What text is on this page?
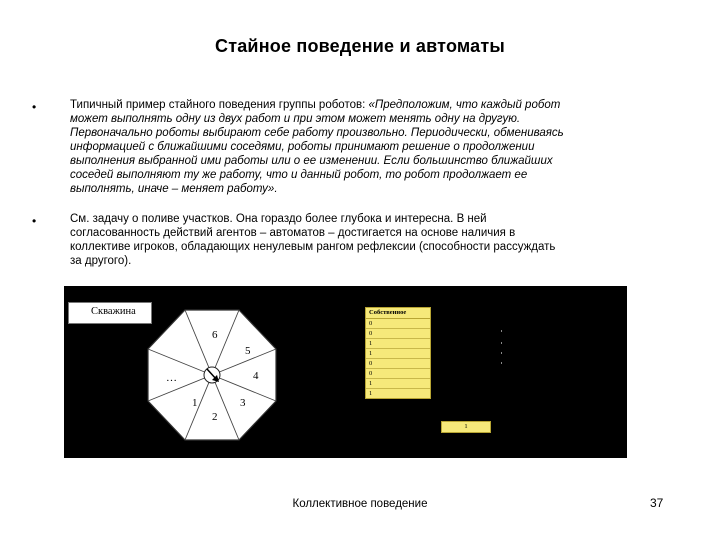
Стайное поведение и автоматы
•	Типичный пример стайного поведения группы роботов: «Предположим, что каждый робот
может выполнять одну из двух работ и при этом может менять одну на другую.
Первоначально роботы выбирают себе работу произвольно. Периодически, обмениваясь
информацией с ближайшими соседями, роботы принимают решение о продолжении
выполнения выбранной ими работы или о ее изменении. Если большинство ближайших
соседей выполняют ту же работу, что и данный робот, то робот продолжает ее
выполнять, иначе – меняет работу».
•	См. задачу о поливе участков. Она гораздо более глубока и интересна. В ней
согласованность действий агентов – автоматов – достигается на основе наличия в
коллективе игроков, обладающих ненулевым рангом рефлексии (способности рассуждать
за другого).
Скважина
6
5
4
3
2
1
…
Собственное
0
0
1
1
0
0
1
1
1
Коллективное поведение	37
